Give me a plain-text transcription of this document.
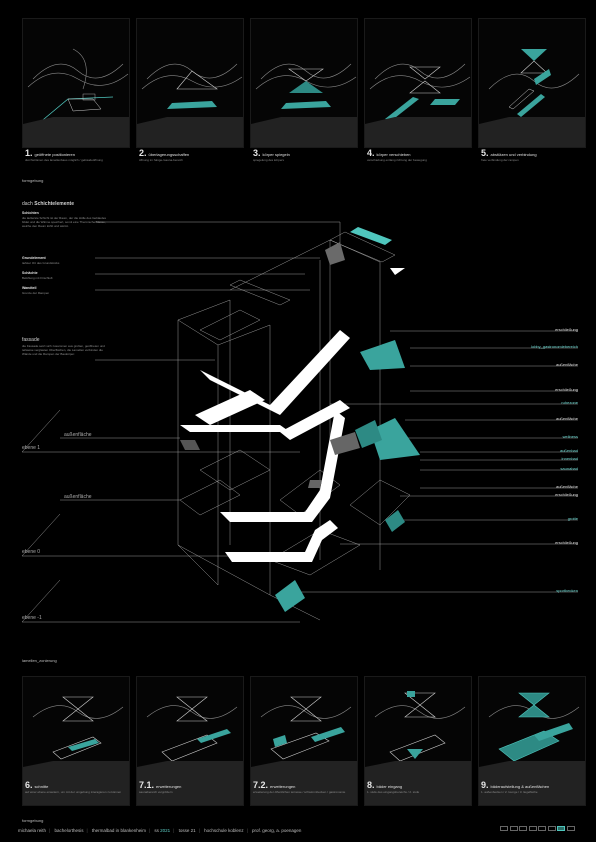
1. geöffnete positionieren
durchströmen des lamellenbaus möglich / gebäudeöffnung
2. überlagerungsschaffen
öffnung im hänge-/sauna-bereich
3. körper spiegeln
spiegelung des körpers
4. körper verschieben
verschiebung entlang richtung der bewegung
5. abstützen und verbindung
freie verbindung der rampen
formgebung
dach Schichtelemente
Schichten
die äußerste Schicht ist der Raum, der die Hülle des Gebäudes bildet und die Wärme speichert, somit eine Thermische Masse, welche den Raum kühlt und wärmt.
Grundelement
tiefster Ort des Grundstücks
Schächte
Belüftung mit Frischluft
Wandteil
Grenze der Rampen
fassade
die Fassade setzt sich zusammen aus großen, geöffneten und teilweise verglasten Oberflächen, die Lamellen verbinden die Wände und die Rampen der Baukörper.
ebene 1
ebene 0
ebene -1
außenfläche
außenfläche
erschließung
lobby_gastronomiebereich
außenfläche
erschließung
ruhezone
außenfläche
wellness
außenbad
innenbad
saunabad
außenfläche
erschließung
grotte
erschließung
sportbecken
lamellen_zonierung
6. schnitte
auf einer ebene erweitern, um mit der umgebung interagieren zu können
7.1. erweiterungen
saunabereich vergrößern
7.2. erweiterungen
erweiterung der öffentlichen terrasse / schwimmbecken / gastronomie
8. bäder eingang
1. stufe des eingangsbereichs / 2. stufe
9. bäderaufstellung & außenflächen
1. außenbecken / 2. lounge / 3. liegefläche
formgebung
michaela reith | bachelorthesis | thermalbad in blankenheim | ss 2021 | tosse 21 | hochschule koblenz | prof. georg, a. poenagen
